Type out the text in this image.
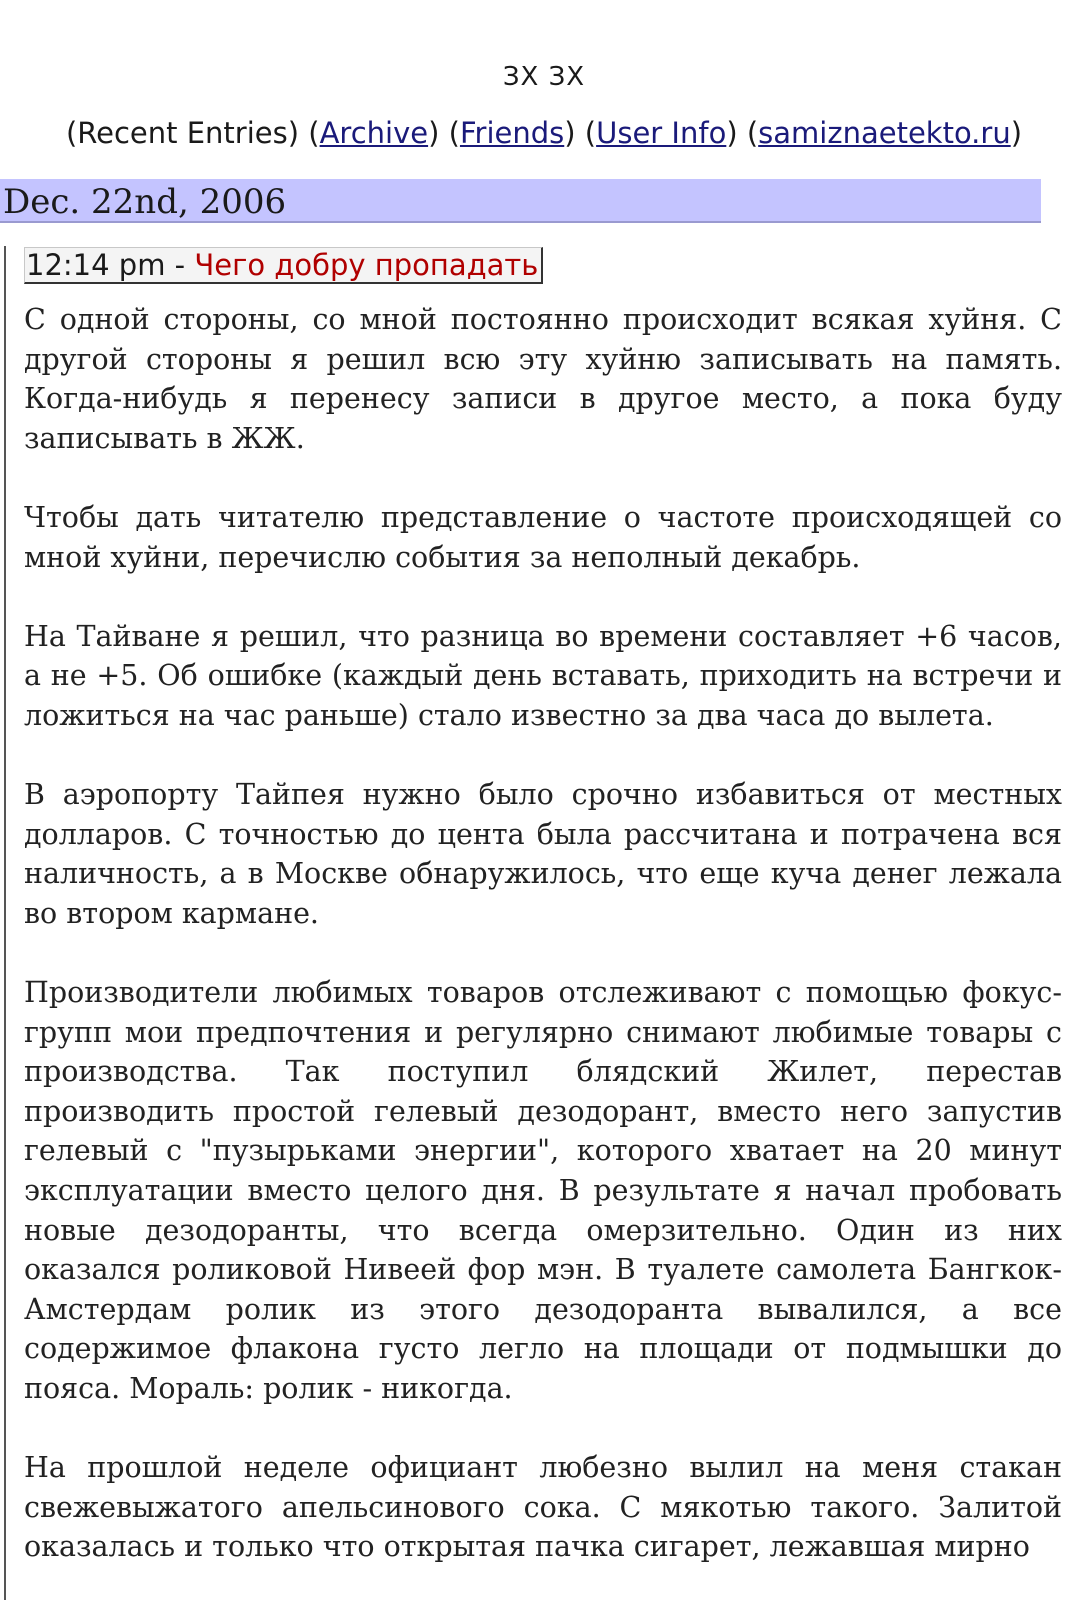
ЗХ ЗХ
(Recent Entries) (Archive) (Friends) (User Info) (samiznaetekto.ru)
Dec. 22nd, 2006
12:14 pm - Чего добру пропадать

С одной стороны, со мной постоянно происходит всякая хуйня. С другой стороны я решил всю эту хуйню записывать на память. Когда-нибудь я перенесу записи в другое место, а пока буду записывать в ЖЖ.

Чтобы дать читателю представление о частоте происходящей со мной хуйни, перечислю события за неполный декабрь.

На Тайване я решил, что разница во времени составляет +6 часов, а не +5. Об ошибке (каждый день вставать, приходить на встречи и ложиться на час раньше) стало известно за два часа до вылета.

В аэропорту Тайпея нужно было срочно избавиться от местных долларов. С точностью до цента была рассчитана и потрачена вся наличность, а в Москве обнаружилось, что еще куча денег лежала во втором кармане.

Производители любимых товаров отслеживают с помощью фокус-групп мои предпочтения и регулярно снимают любимые товары с производства. Так поступил блядский Жилет, перестав производить простой гелевый дезодорант, вместо него запустив гелевый с "пузырьками энергии", которого хватает на 20 минут эксплуатации вместо целого дня. В результате я начал пробовать новые дезодоранты, что всегда омерзительно. Один из них оказался роликовой Нивеей фор мэн. В туалете самолета Бангкок-Амстердам ролик из этого дезодоранта вывалился, а все содержимое флакона густо легло на площади от подмышки до пояса. Мораль: ролик - никогда.

На прошлой неделе официант любезно вылил на меня стакан свежевыжатого апельсинового сока. С мякотью такого. Залитой оказалась и только что открытая пачка сигарет, лежавшая мирно
